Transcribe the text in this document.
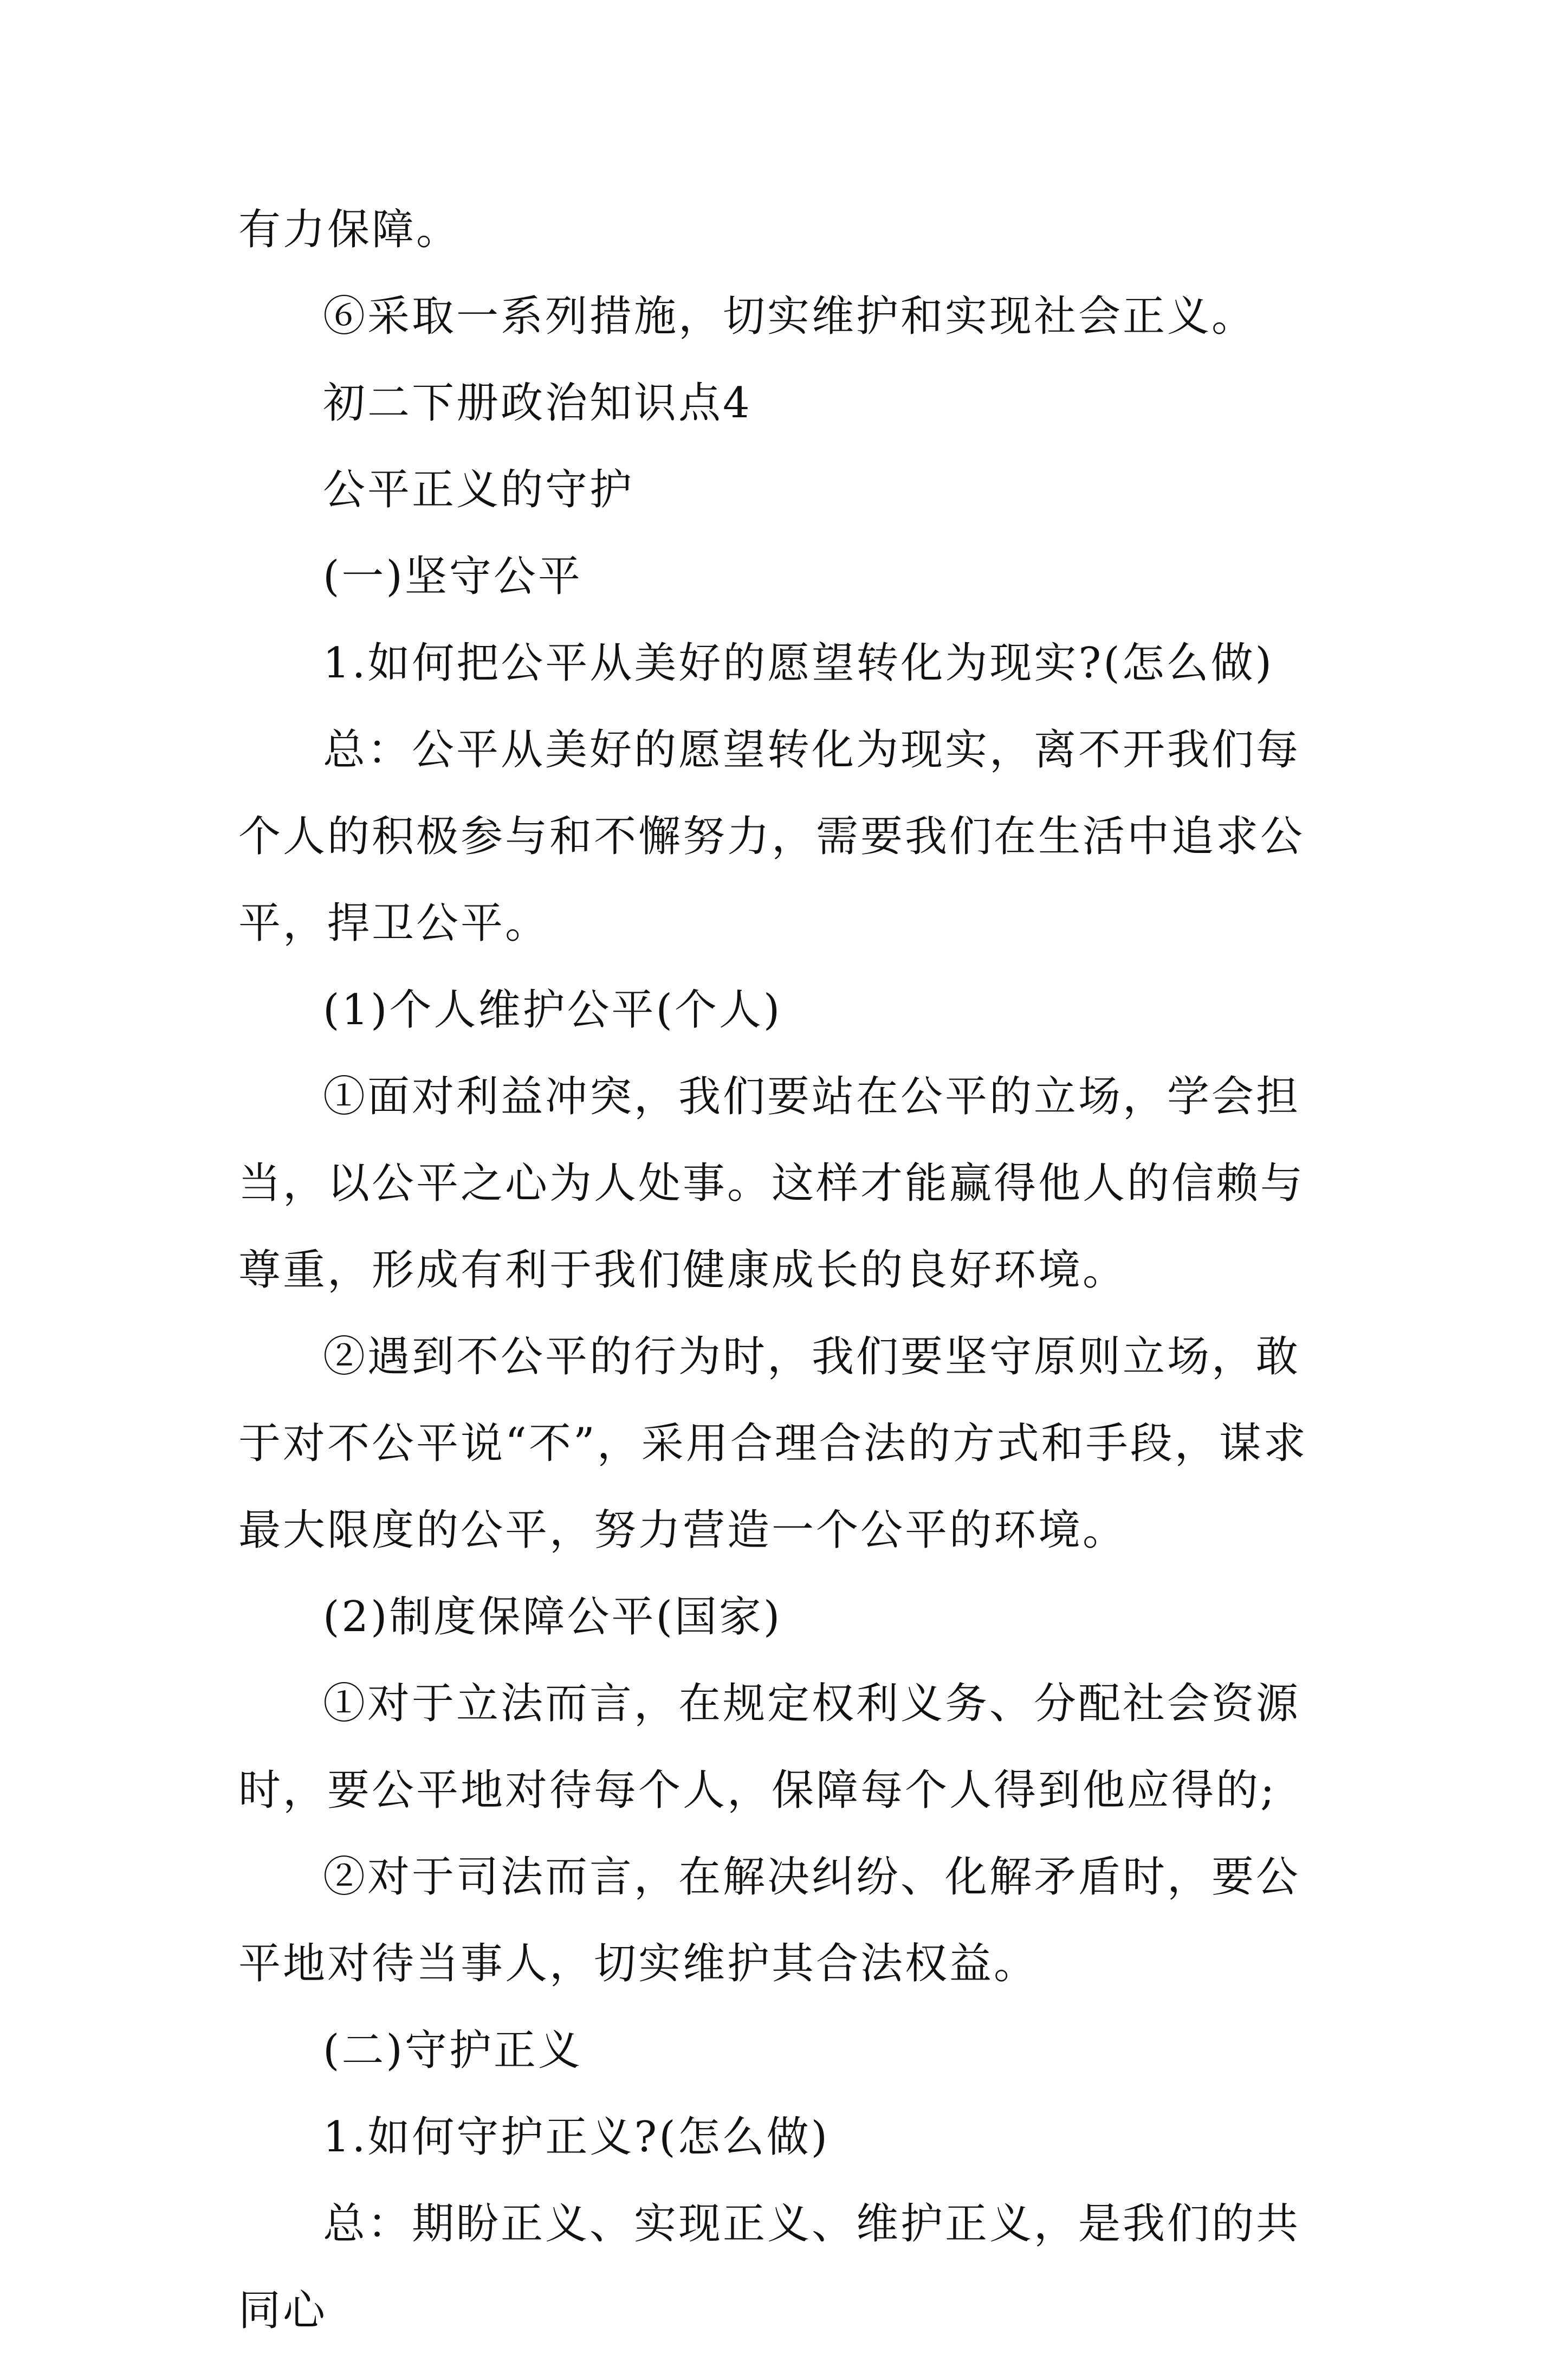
有力保障。

⑥采取一系列措施，切实维护和实现社会正义。

初二下册政治知识点4

公平正义的守护

(一)坚守公平

1.如何把公平从美好的愿望转化为现实?(怎么做)

总：公平从美好的愿望转化为现实，离不开我们每个人的积极参与和不懈努力，需要我们在生活中追求公平，捍卫公平。

(1)个人维护公平(个人)

①面对利益冲突，我们要站在公平的立场，学会担当，以公平之心为人处事。这样才能赢得他人的信赖与尊重，形成有利于我们健康成长的良好环境。

②遇到不公平的行为时，我们要坚守原则立场，敢于对不公平说“不”，采用合理合法的方式和手段，谋求最大限度的公平，努力营造一个公平的环境。

(2)制度保障公平(国家)

①对于立法而言，在规定权利义务、分配社会资源时，要公平地对待每个人，保障每个人得到他应得的;

②对于司法而言，在解决纠纷、化解矛盾时，要公平地对待当事人，切实维护其合法权益。

(二)守护正义

1.如何守护正义?(怎么做)

总：期盼正义、实现正义、维护正义，是我们的共同心
